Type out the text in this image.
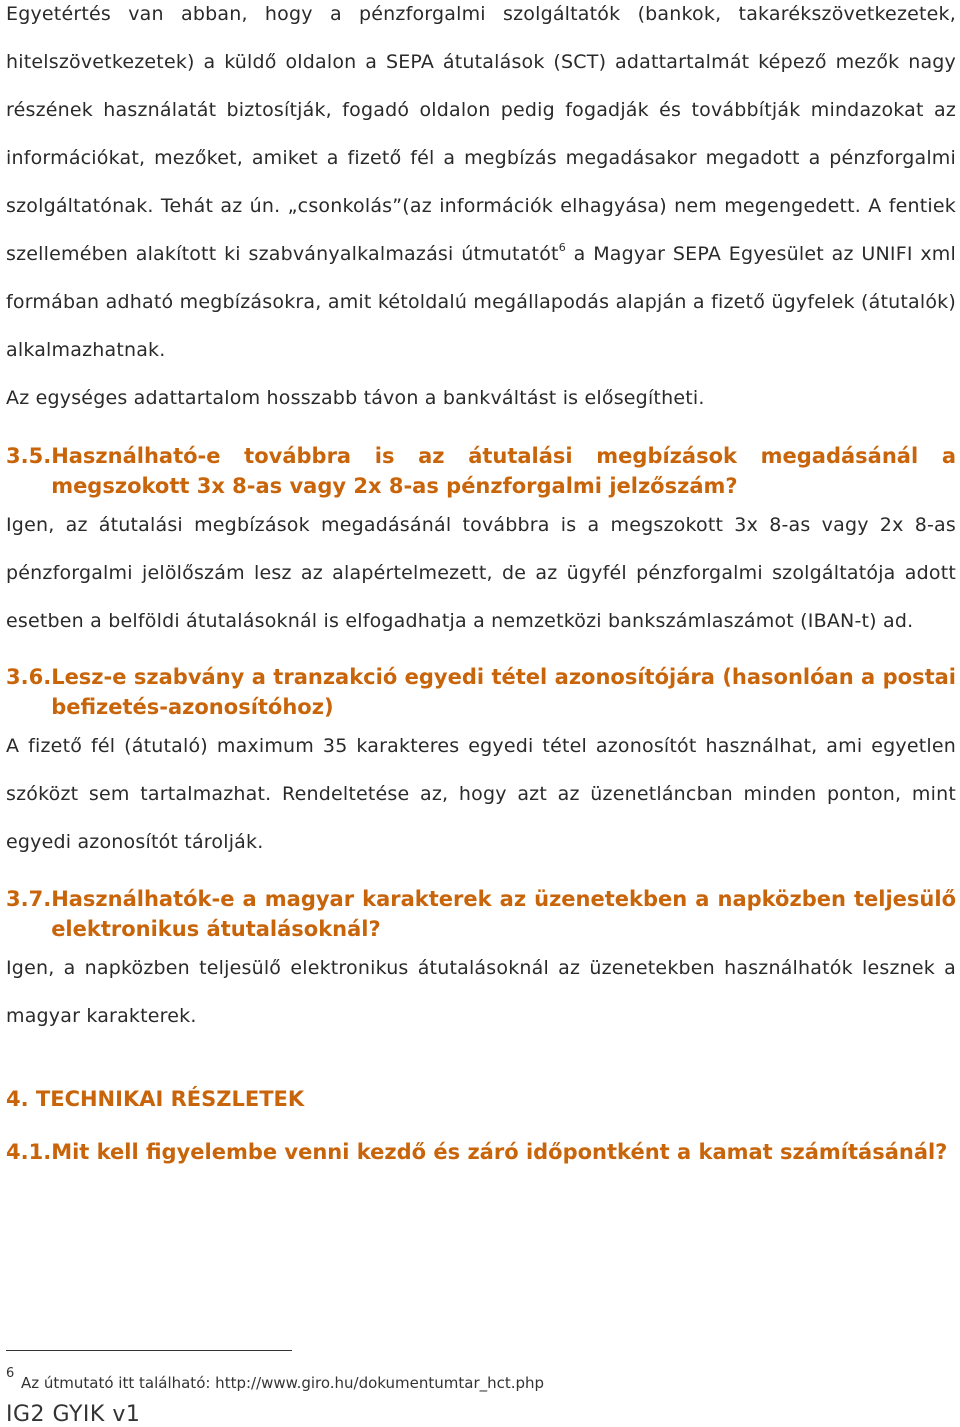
Egyetértés van abban, hogy a pénzforgalmi szolgáltatók (bankok, takarékszövetkezetek, hitelszövetkezetek) a küldő oldalon a SEPA átutalások (SCT) adattartalmát képező mezők nagy részének használatát biztosítják, fogadó oldalon pedig fogadják és továbbítják mindazokat az információkat, mezőket, amiket a fizető fél a megbízás megadásakor megadott a pénzforgalmi szolgáltatónak. Tehát az ún. „csonkolás”(az információk elhagyása) nem megengedett. A fentiek szellemében alakított ki szabványalkalmazási útmutatót$^6$ a Magyar SEPA Egyesület az UNIFI xml formában adható megbízásokra, amit kétoldalú megállapodás alapján a fizető ügyfelek (átutalók) alkalmazhatnak.

Az egységes adattartalom hosszabb távon a bankváltást is elősegítheti.

3.5. Használható-e továbbra is az átutalási megbízások megadásánál a megszokott 3x 8-as vagy 2x 8-as pénzforgalmi jelzőszám?

Igen, az átutalási megbízások megadásánál továbbra is a megszokott 3x 8-as vagy 2x 8-as pénzforgalmi jelölőszám lesz az alapértelmezett, de az ügyfél pénzforgalmi szolgáltatója adott esetben a belföldi átutalásoknál is elfogadhatja a nemzetközi bankszámlaszámot (IBAN-t) ad.

3.6. Lesz-e szabvány a tranzakció egyedi tétel azonosítójára (hasonlóan a postai befizetés-azonosítóhoz)

A fizető fél (átutaló) maximum 35 karakteres egyedi tétel azonosítót használhat, ami egyetlen szóközt sem tartalmazhat. Rendeltetése az, hogy azt az üzenetláncban minden ponton, mint egyedi azonosítót tárolják.

3.7. Használhatók-e a magyar karakterek az üzenetekben a napközben teljesülő elektronikus átutalásoknál?

Igen, a napközben teljesülő elektronikus átutalásoknál az üzenetekben használhatók lesznek a magyar karakterek.

4. TECHNIKAI RÉSZLETEK

4.1. Mit kell figyelembe venni kezdő és záró időpontként a kamat számításánál?
6
Az útmutató itt található: http://www.giro.hu/dokumentumtar_hct.php
IG2 GYIK v1
